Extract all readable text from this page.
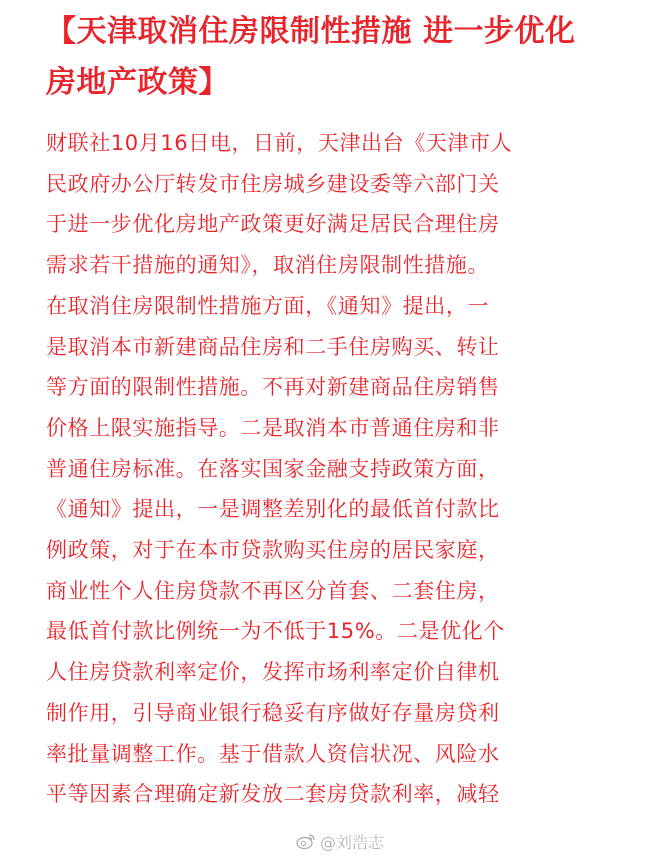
【天津取消住房限制性措施 进一步优化
房地产政策】
财联社10月16日电，日前，天津出台《天津市人
民政府办公厅转发市住房城乡建设委等六部门关
于进一步优化房地产政策更好满足居民合理住房
需求若干措施的通知》，取消住房限制性措施。
在取消住房限制性措施方面，《通知》提出，一
是取消本市新建商品住房和二手住房购买、转让
等方面的限制性措施。不再对新建商品住房销售
价格上限实施指导。二是取消本市普通住房和非
普通住房标准。在落实国家金融支持政策方面，
《通知》提出，一是调整差别化的最低首付款比
例政策，对于在本市贷款购买住房的居民家庭，
商业性个人住房贷款不再区分首套、二套住房，
最低首付款比例统一为不低于15%。二是优化个
人住房贷款利率定价，发挥市场利率定价自律机
制作用，引导商业银行稳妥有序做好存量房贷利
率批量调整工作。基于借款人资信状况、风险水
平等因素合理确定新发放二套房贷款利率，减轻
@刘浩志
